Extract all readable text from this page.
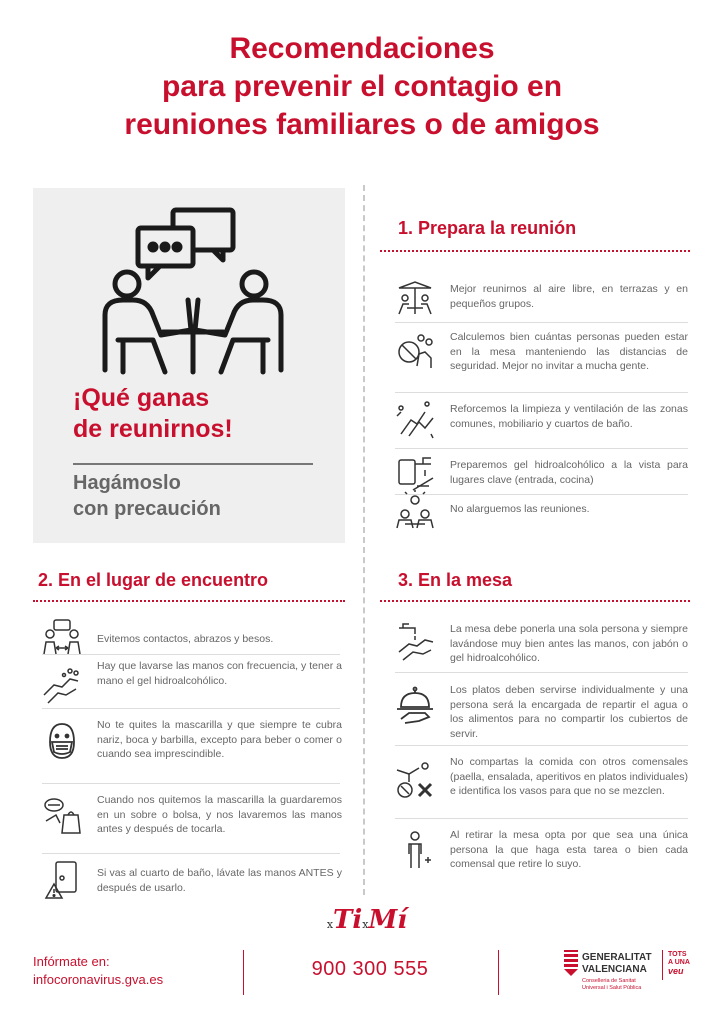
Recomendaciones
para prevenir el contagio en
reuniones familiares o de amigos
¡Qué ganas
de reunirnos!
Hagámoslo
con precaución
1. Prepara la reunión
2. En el lugar de encuentro	3. En la mesa
Mejor reunirnos al aire libre, en terrazas y en pequeños grupos.
Calculemos bien cuántas personas pueden estar en la mesa manteniendo las distancias de seguridad. Mejor no invitar a mucha gente.
Reforcemos la limpieza y ventilación de las zonas comunes, mobiliario y cuartos de baño.
Preparemos gel hidroalcohólico a la vista para lugares clave (entrada, cocina)
No alarguemos las reuniones.
Evitemos contactos, abrazos y besos.
Hay que lavarse las manos con frecuencia, y tener a mano el gel hidroalcohólico.
No te quites la mascarilla y que siempre te cubra nariz, boca y barbilla, excepto para beber o comer o cuando sea imprescindible.
Cuando nos quitemos la mascarilla la guardaremos en un sobre o bolsa, y nos lavaremos las manos antes y después de tocarla.
Si vas al cuarto de baño, lávate las manos ANTES y después de usarlo.
La mesa debe ponerla una sola persona y siempre lavándose muy bien antes las manos, con jabón o gel hidroalcohólico.
Los platos deben servirse individualmente y una persona será la encargada de repartir el agua o los alimentos para no compartir los cubiertos de servir.
No compartas la comida con otros comensales (paella, ensalada, aperitivos en platos individuales) e identifica los vasos para que no se mezclen.
Al retirar la mesa opta por que sea una única persona la que haga esta tarea o bien cada comensal que retire lo suyo.
xTixMí
Infórmate en:
infocoronavirus.gva.es	900 300 555
GENERALITAT
VALENCIANA
Conselleria de Sanitat
Universal i Salut Pública
TOTS
A UNA
veu
